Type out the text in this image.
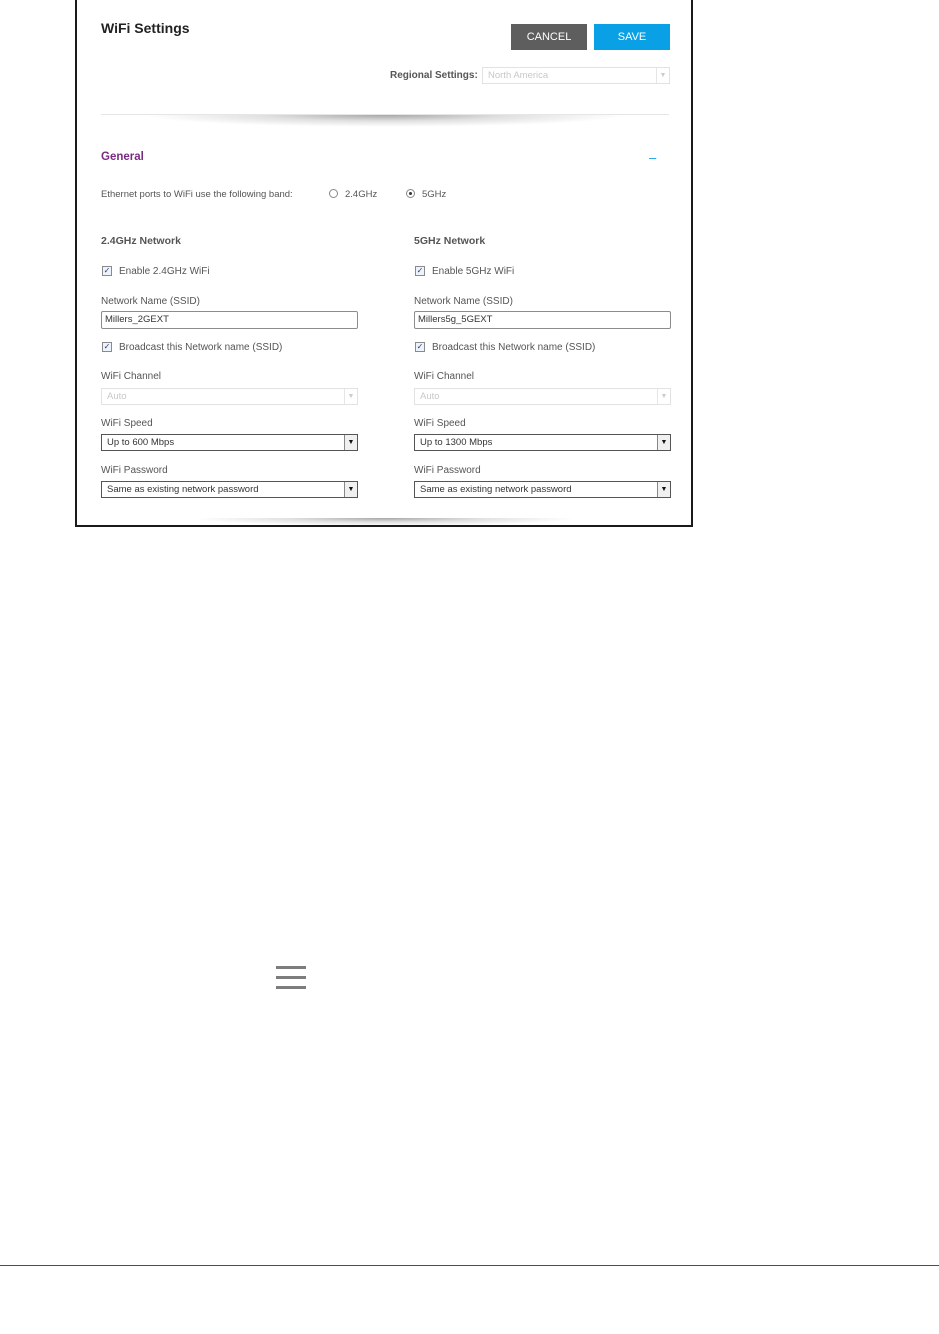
WiFi Settings
CANCEL	SAVE
Regional Settings:	North America	▼
General	–
Ethernet ports to WiFi use the following band:	2.4GHz	5GHz
2.4GHz Network
✓ Enable 2.4GHz WiFi
Network Name (SSID)
Millers_2GEXT
✓ Broadcast this Network name (SSID)
WiFi Channel
Auto	▼
WiFi Speed
Up to 600 Mbps	▼
WiFi Password
Same as existing network password	▼
5GHz Network
✓ Enable 5GHz WiFi
Network Name (SSID)
Millers5g_5GEXT
✓ Broadcast this Network name (SSID)
WiFi Channel
Auto	▼
WiFi Speed
Up to 1300 Mbps	▼
WiFi Password
Same as existing network password	▼
